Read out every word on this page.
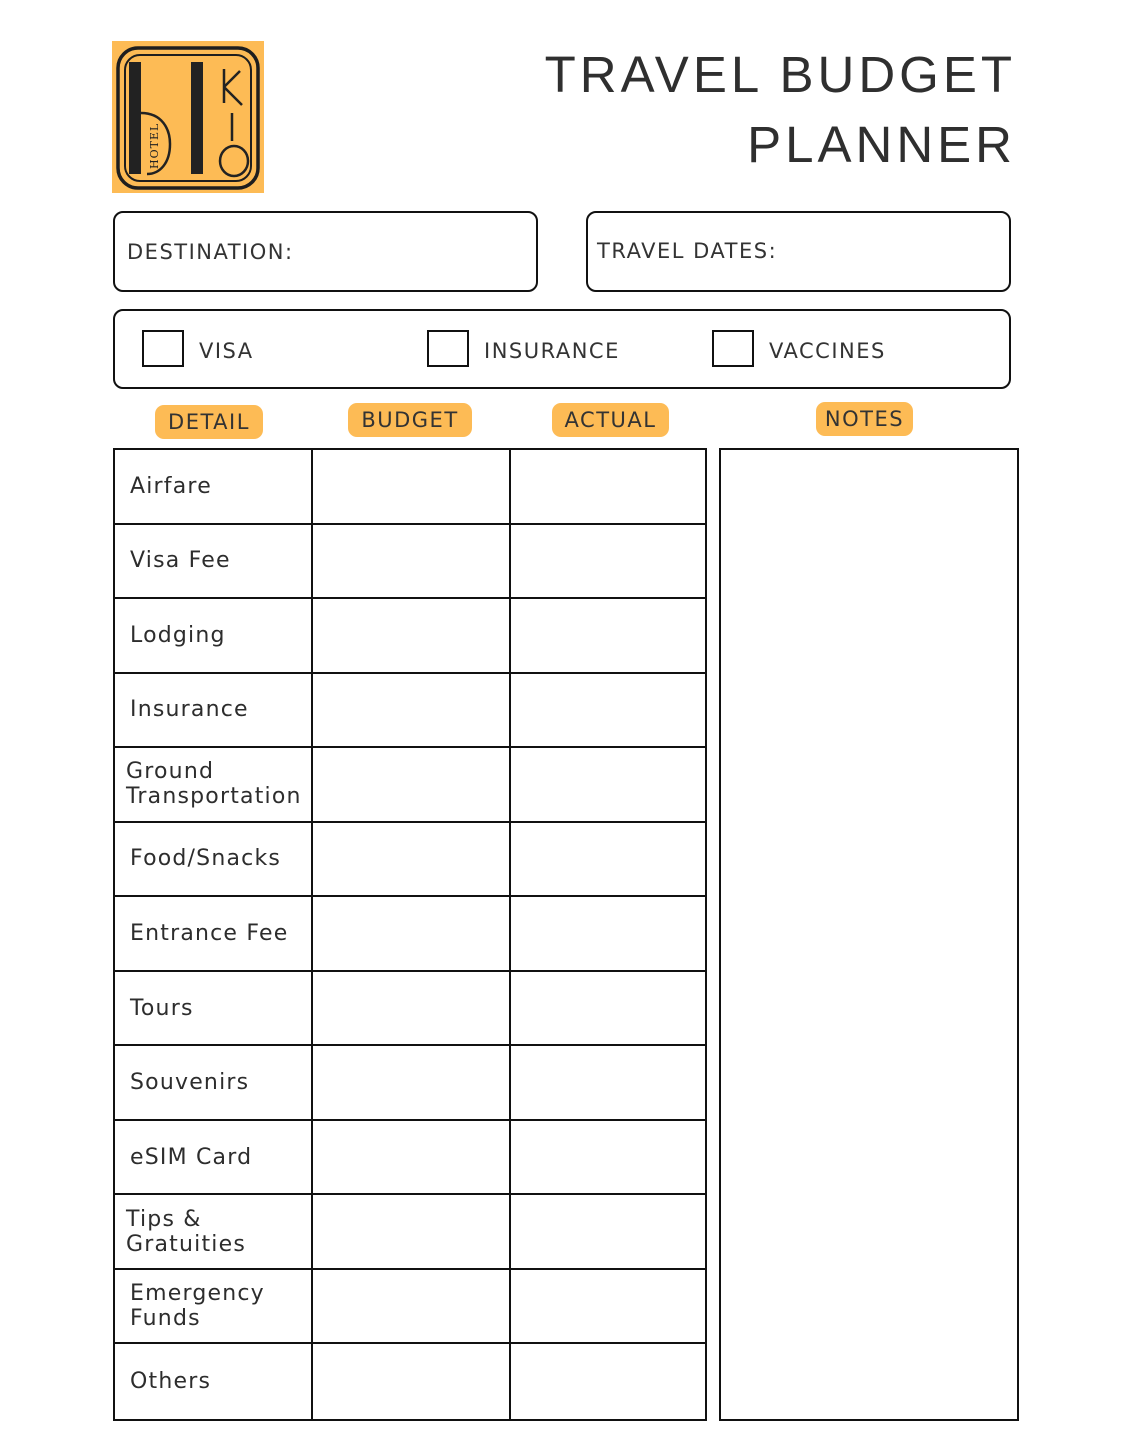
HOTEL
TRAVEL BUDGET
PLANNER
DESTINATION:	TRAVEL DATES:
VISA	INSURANCE	VACCINES
DETAIL	BUDGET	ACTUAL	NOTES
Airfare
Visa Fee
Lodging
Insurance
Ground Transportation
Food/Snacks
Entrance Fee
Tours
Souvenirs
eSIM Card
Tips & Gratuities
Emergency Funds
Others
